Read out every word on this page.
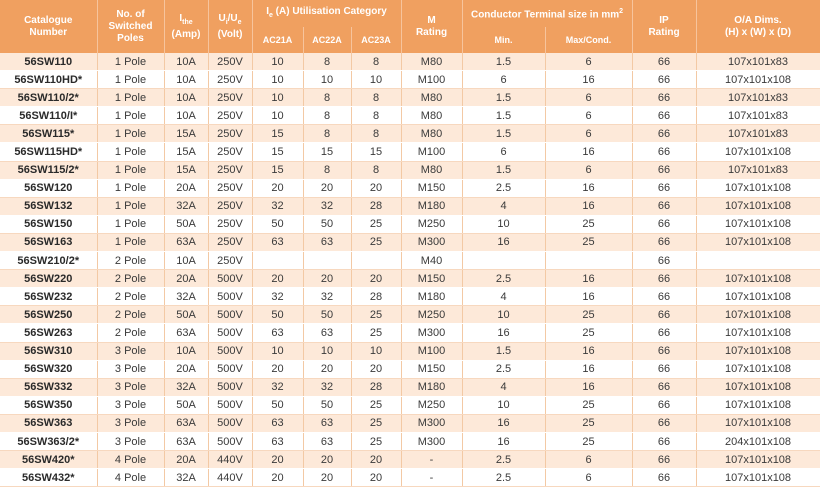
Catalogue
Number	No. of
Switched
Poles	$I_{the}$
(Amp)	$U_i/U_e$
(Volt)	$I_e$ (A) Utilisation Category			M
Rating	Conductor Terminal size in $mm^2$		IP
Rating	O/A Dims.
(H) x (W) x (D)
				AC21A	AC22A	AC23A		Min.	Max/Cond.		
56SW110	1 Pole	10A	250V	10	8	8	M80	1.5	6	66	107x101x83
56SW110HD*	1 Pole	10A	250V	10	10	10	M100	6	16	66	107x101x108
56SW110/2*	1 Pole	10A	250V	10	8	8	M80	1.5	6	66	107x101x83
56SW110/I*	1 Pole	10A	250V	10	8	8	M80	1.5	6	66	107x101x83
56SW115*	1 Pole	15A	250V	15	8	8	M80	1.5	6	66	107x101x83
56SW115HD*	1 Pole	15A	250V	15	15	15	M100	6	16	66	107x101x108
56SW115/2*	1 Pole	15A	250V	15	8	8	M80	1.5	6	66	107x101x83
56SW120	1 Pole	20A	250V	20	20	20	M150	2.5	16	66	107x101x108
56SW132	1 Pole	32A	250V	32	32	28	M180	4	16	66	107x101x108
56SW150	1 Pole	50A	250V	50	50	25	M250	10	25	66	107x101x108
56SW163	1 Pole	63A	250V	63	63	25	M300	16	25	66	107x101x108
56SW210/2*	2 Pole	10A	250V				M40			66	
56SW220	2 Pole	20A	500V	20	20	20	M150	2.5	16	66	107x101x108
56SW232	2 Pole	32A	500V	32	32	28	M180	4	16	66	107x101x108
56SW250	2 Pole	50A	500V	50	50	25	M250	10	25	66	107x101x108
56SW263	2 Pole	63A	500V	63	63	25	M300	16	25	66	107x101x108
56SW310	3 Pole	10A	500V	10	10	10	M100	1.5	16	66	107x101x108
56SW320	3 Pole	20A	500V	20	20	20	M150	2.5	16	66	107x101x108
56SW332	3 Pole	32A	500V	32	32	28	M180	4	16	66	107x101x108
56SW350	3 Pole	50A	500V	50	50	25	M250	10	25	66	107x101x108
56SW363	3 Pole	63A	500V	63	63	25	M300	16	25	66	107x101x108
56SW363/2*	3 Pole	63A	500V	63	63	25	M300	16	25	66	204x101x108
56SW420*	4 Pole	20A	440V	20	20	20	-	2.5	6	66	107x101x108
56SW432*	4 Pole	32A	440V	20	20	20	-	2.5	6	66	107x101x108
